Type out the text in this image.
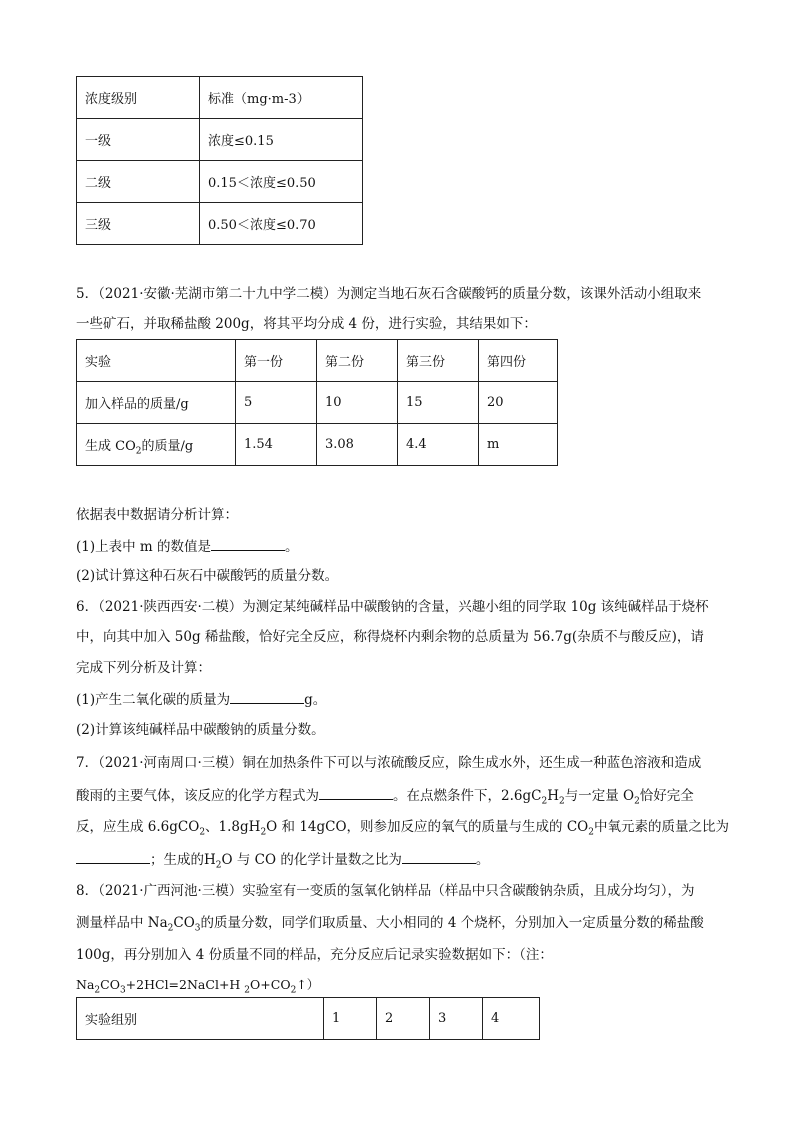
浓度级别	标准（mg·m-3）
一级	浓度≤0.15
二级	0.15＜浓度≤0.50
三级	0.50＜浓度≤0.70
5．（2021·安徽·芜湖市第二十九中学二模）为测定当地石灰石含碳酸钙的质量分数，该课外活动小组取来
一些矿石，并取稀盐酸 200g，将其平均分成 4 份，进行实验，其结果如下：
实验	第一份	第二份	第三份	第四份
加入样品的质量/g	5	10	15	20
生成 $CO_2$的质量/g	1.54	3.08	4.4	m
依据表中数据请分析计算：
(1)上表中 m 的数值是	。
(2)试计算这种石灰石中碳酸钙的质量分数。
6．（2021·陕西西安·二模）为测定某纯碱样品中碳酸钠的含量，兴趣小组的同学取 10g 该纯碱样品于烧杯
中，向其中加入 50g 稀盐酸，恰好完全反应，称得烧杯内剩余物的总质量为 56.7g(杂质不与酸反应)，请
完成下列分析及计算：
(1)产生二氧化碳的质量为	g。
(2)计算该纯碱样品中碳酸钠的质量分数。
7．（2021·河南周口·三模）铜在加热条件下可以与浓硫酸反应，除生成水外，还生成一种蓝色溶液和造成
酸雨的主要气体，该反应的化学方程式为	。在点燃条件下，$2.6gC_2H_2$与一定量 $O_2$恰好完全
反，应生成 6.6gCO$_2$、$1.8gH_2O$ 和 14gCO，则参加反应的氧气的质量与生成的 $CO_2$中氧元素的质量之比为
；生成的$H_2O$ 与 CO 的化学计量数之比为	。
8．（2021·广西河池·三模）实验室有一变质的氢氧化钠样品（样品中只含碳酸钠杂质，且成分均匀），为
测量样品中 $Na_2CO_3$的质量分数，同学们取质量、大小相同的 4 个烧杯，分别加入一定质量分数的稀盐酸
100g，再分别加入 4 份质量不同的样品，充分反应后记录实验数据如下：（注：
$Na_2CO_3+2HCl=2NaCl+H$ $_2O+CO_2↑$）
实验组别	1	2	3	4
